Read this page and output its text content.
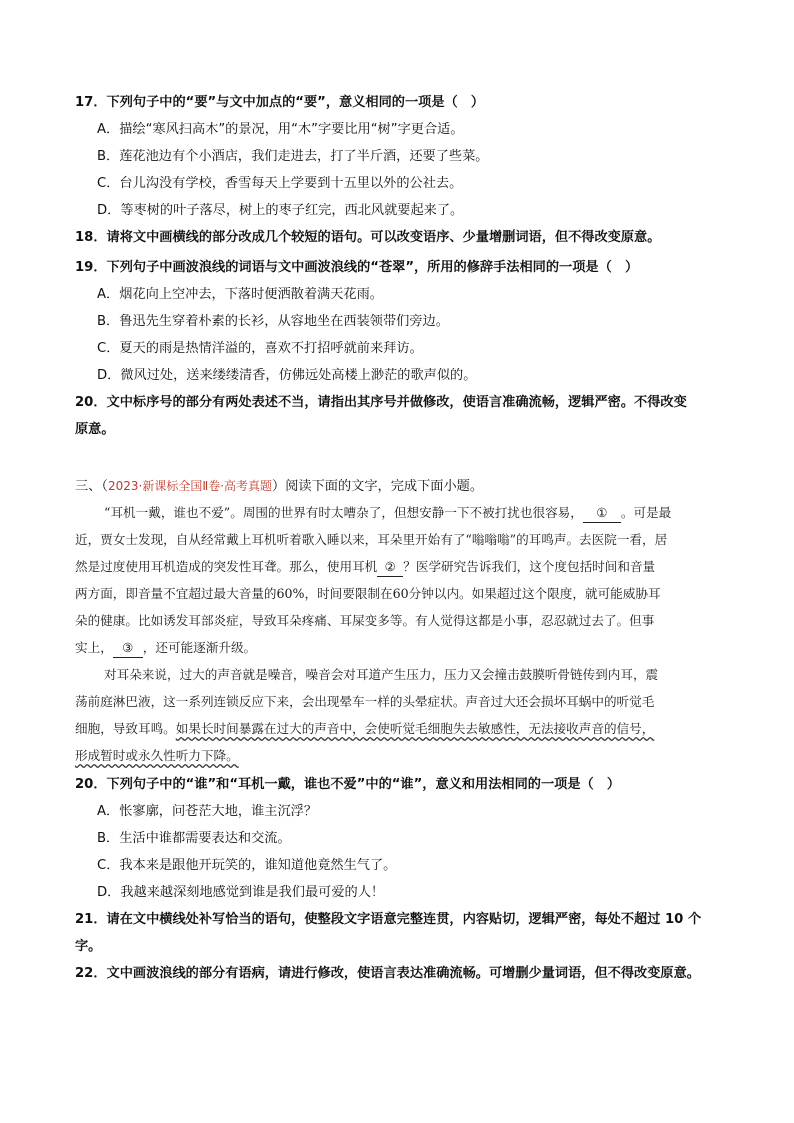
17．下列句子中的“要”与文中加点的“要”，意义相同的一项是（　）
A．描绘“寒风扫高木”的景况，用“木”字要比用“树”字更合适。
B．莲花池边有个小酒店，我们走进去，打了半斤酒，还要了些菜。
C．台儿沟没有学校，香雪每天上学要到十五里以外的公社去。
D．等枣树的叶子落尽，树上的枣子红完，西北风就要起来了。
18．请将文中画横线的部分改成几个较短的语句。可以改变语序、少量增删词语，但不得改变原意。
19．下列句子中画波浪线的词语与文中画波浪线的“苍翠”，所用的修辞手法相同的一项是（　）
A．烟花向上空冲去，下落时便洒散着满天花雨。
B．鲁迅先生穿着朴素的长衫，从容地坐在西装领带们旁边。
C．夏天的雨是热情洋溢的，喜欢不打招呼就前来拜访。
D．微风过处，送来缕缕清香，仿佛远处高楼上渺茫的歌声似的。
20．文中标序号的部分有两处表述不当，请指出其序号并做修改，使语言准确流畅，逻辑严密。不得改变
原意。
三、（2023·新课标全国Ⅱ卷·高考真题）阅读下面的文字，完成下面小题。
“耳机一戴，谁也不爱”。周围的世界有时太嘈杂了，但想安静一下不被打扰也很容易， ① 。可是最
近，贾女士发现，自从经常戴上耳机听着歌入睡以来，耳朵里开始有了“嗡嗡嗡”的耳鸣声。去医院一看，居
然是过度使用耳机造成的突发性耳聋。那么，使用耳机 ② ？医学研究告诉我们，这个度包括时间和音量
两方面，即音量不宜超过最大音量的60%，时间要限制在60分钟以内。如果超过这个限度，就可能威胁耳
朵的健康。比如诱发耳部炎症，导致耳朵疼痛、耳屎变多等。有人觉得这都是小事，忍忍就过去了。但事
实上， ③ ，还可能逐渐升级。
对耳朵来说，过大的声音就是噪音，噪音会对耳道产生压力，压力又会撞击鼓膜听骨链传到内耳，震
荡前庭淋巴液，这一系列连锁反应下来，会出现晕车一样的头晕症状。声音过大还会损坏耳蜗中的听觉毛
细胞，导致耳鸣。如果长时间暴露在过大的声音中，会使听觉毛细胞失去敏感性，无法接收声音的信号，
形成暂时或永久性听力下降。
20．下列句子中的“谁”和“耳机一戴，谁也不爱”中的“谁”，意义和用法相同的一项是（　）
A．怅寥廓，问苍茫大地，谁主沉浮？
B．生活中谁都需要表达和交流。
C．我本来是跟他开玩笑的，谁知道他竟然生气了。
D．我越来越深刻地感觉到谁是我们最可爱的人！
21．请在文中横线处补写恰当的语句，使整段文字语意完整连贯，内容贴切，逻辑严密，每处不超过 10 个
字。
22．文中画波浪线的部分有语病，请进行修改，使语言表达准确流畅。可增删少量词语，但不得改变原意。
